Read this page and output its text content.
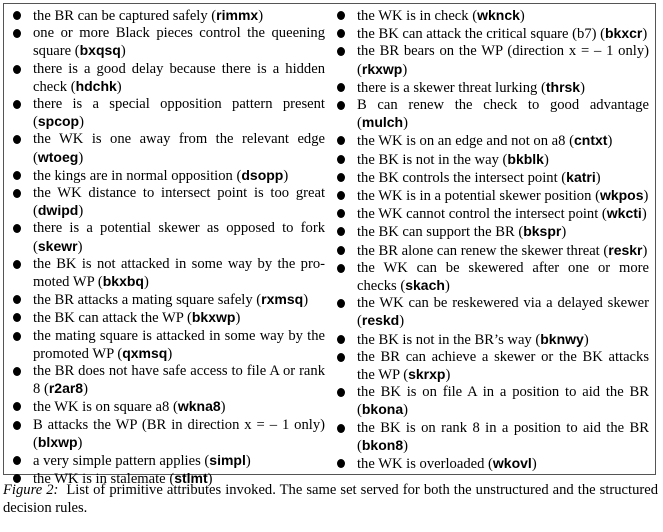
the BR can be captured safely ( rimmx )
one or more Black pieces control the queening square ( bxqsq )
there is a good delay because there is a hidden check ( hdchk )
there is a special opposition pattern present ( spcop )
the WK is one away from the relevant edge ( wtoeg )
the kings are in normal opposition ( dsopp )
the WK distance to intersect point is too great ( dwipd )
there is a potential skewer as opposed to fork ( skewr )
the BK is not attacked in some way by the pro-moted WP ( bkxbq )
the BR attacks a mating square safely ( rxmsq )
the BK can attack the WP ( bkxwp )
the mating square is attacked in some way by the promoted WP ( qxmsq )
the BR does not have safe access to file A or rank 8 ( r2ar8 )
the WK is on square a8 ( wkna8 )
B attacks the WP (BR in direction x = – 1 only) ( blxwp )
a very simple pattern applies ( simpl )
the WK is in stalemate ( stlmt )
the WK is in check ( wknck )
the BK can attack the critical square (b7) ( bkxcr )
the BR bears on the WP (direction x = – 1 only) ( rkxwp )
there is a skewer threat lurking ( thrsk )
B can renew the check to good advantage ( mulch )
the WK is on an edge and not on a8 ( cntxt )
the BK is not in the way ( bkblk )
the BK controls the intersect point ( katri )
the WK is in a potential skewer position ( wkpos )
the WK cannot control the intersect point ( wkcti )
the BK can support the BR ( bkspr )
the BR alone can renew the skewer threat ( reskr )
the WK can be skewered after one or more checks ( skach )
the WK can be reskewered via a delayed skewer ( reskd )
the BK is not in the BR’s way ( bknwy )
the BR can achieve a skewer or the BK attacks the WP ( skrxp )
the BK is on file A in a position to aid the BR ( bkona )
the BK is on rank 8 in a position to aid the BR ( bkon8 )
the WK is overloaded ( wkovl )
Figure 2: List of primitive attributes invoked. The same set served for both the unstructured and the structured decision rules.
